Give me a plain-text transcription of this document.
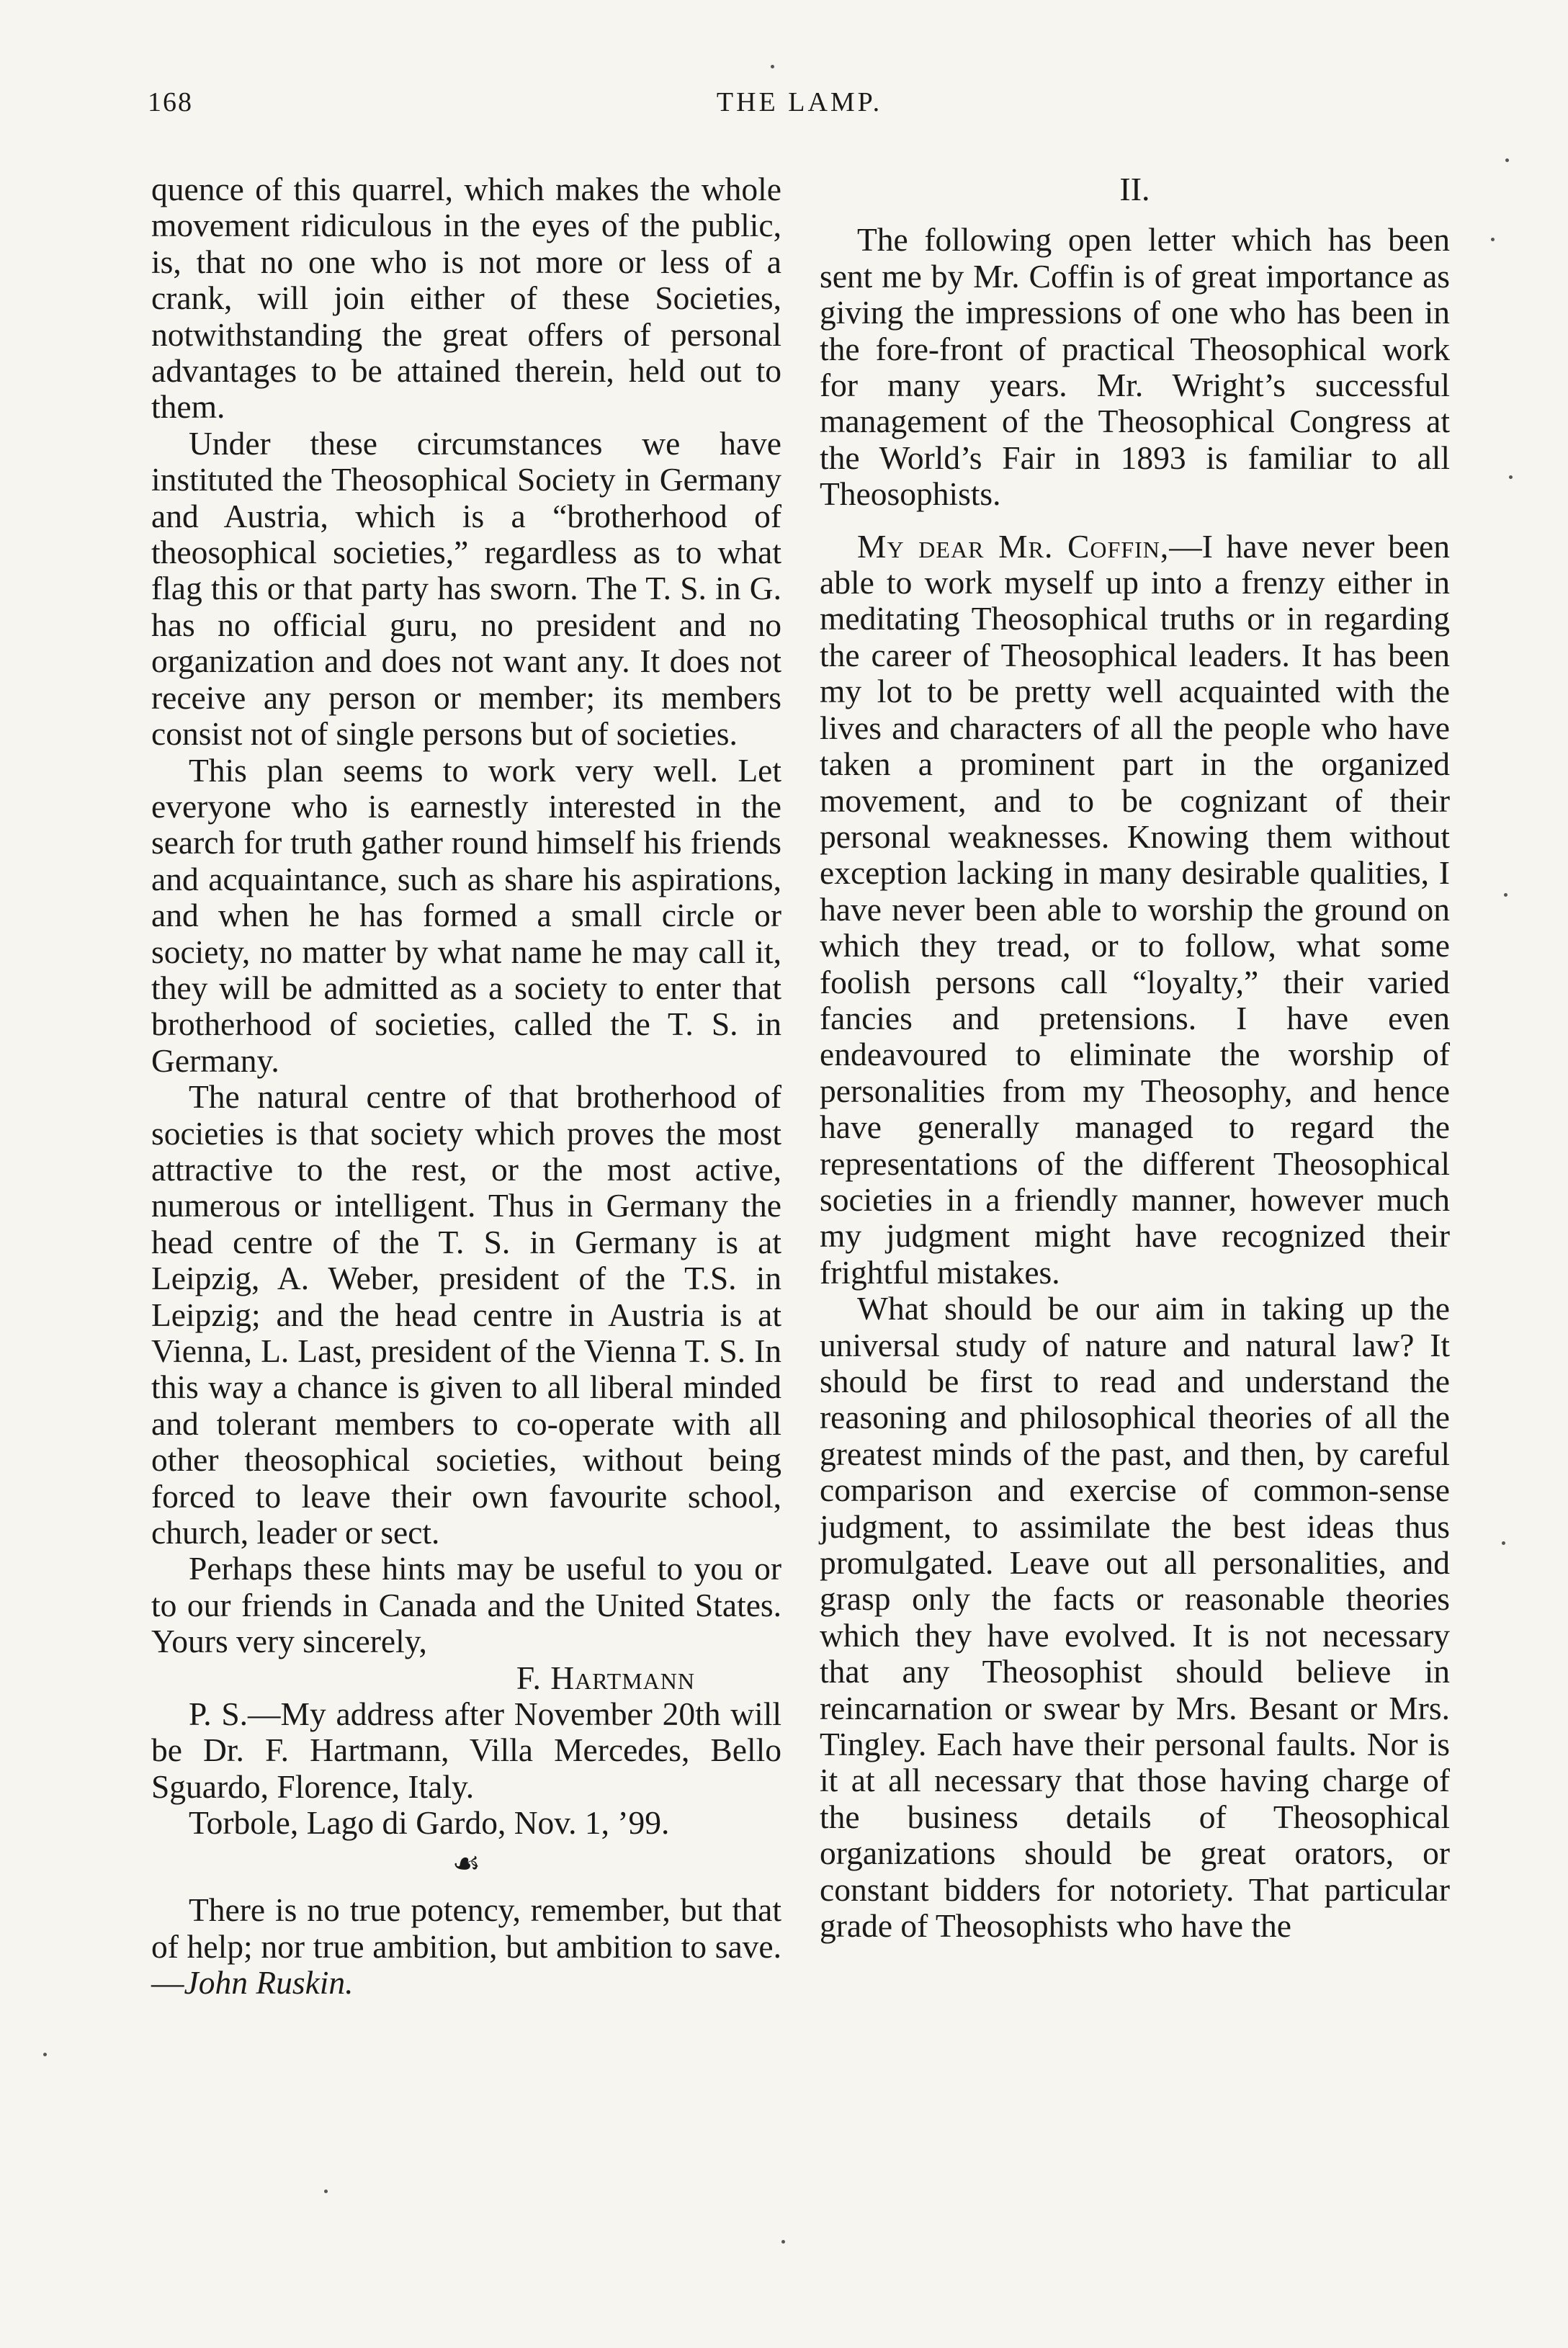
168	THE LAMP.

quence of this quarrel, which makes the whole movement ridiculous in the eyes of the public, is, that no one who is not more or less of a crank, will join either of these Societies, notwithstanding the great offers of personal advantages to be attained therein, held out to them.

Under these circumstances we have instituted the Theosophical Society in Germany and Austria, which is a “brotherhood of theosophical societies,” regardless as to what flag this or that party has sworn. The T. S. in G. has no official guru, no president and no organization and does not want any. It does not receive any person or member; its members consist not of single persons but of societies.

This plan seems to work very well. Let everyone who is earnestly interested in the search for truth gather round himself his friends and acquaintance, such as share his aspirations, and when he has formed a small circle or society, no matter by what name he may call it, they will be admitted as a society to enter that brotherhood of societies, called the T. S. in Germany.

The natural centre of that brotherhood of societies is that society which proves the most attractive to the rest, or the most active, numerous or intelligent. Thus in Germany the head centre of the T. S. in Germany is at Leipzig, A. Weber, president of the T.S. in Leipzig; and the head centre in Austria is at Vienna, L. Last, president of the Vienna T. S. In this way a chance is given to all liberal minded and tolerant members to co-operate with all other theosophical societies, without being forced to leave their own favourite school, church, leader or sect.

Perhaps these hints may be useful to you or to our friends in Canada and the United States. Yours very sincerely,

F. Hartmann

P. S.—My address after November 20th will be Dr. F. Hartmann, Villa Mercedes, Bello Sguardo, Florence, Italy.

Torbole, Lago di Gardo, Nov. 1, ’99.

☙

There is no true potency, remember, but that of help; nor true ambition, but ambition to save.—John Ruskin.

II.

The following open letter which has been sent me by Mr. Coffin is of great importance as giving the impressions of one who has been in the fore-front of practical Theosophical work for many years. Mr. Wright’s successful management of the Theosophical Congress at the World’s Fair in 1893 is familiar to all Theosophists.

My dear Mr. Coffin,—I have never been able to work myself up into a frenzy either in meditating Theosophical truths or in regarding the career of Theosophical leaders. It has been my lot to be pretty well acquainted with the lives and characters of all the people who have taken a prominent part in the organized movement, and to be cognizant of their personal weaknesses. Knowing them without exception lacking in many desirable qualities, I have never been able to worship the ground on which they tread, or to follow, what some foolish persons call “loyalty,” their varied fancies and pretensions. I have even endeavoured to eliminate the worship of personalities from my Theosophy, and hence have generally managed to regard the representations of the different Theosophical societies in a friendly manner, however much my judgment might have recognized their frightful mistakes.

What should be our aim in taking up the universal study of nature and natural law? It should be first to read and understand the reasoning and philosophical theories of all the greatest minds of the past, and then, by careful comparison and exercise of common-sense judgment, to assimilate the best ideas thus promulgated. Leave out all personalities, and grasp only the facts or reasonable theories which they have evolved. It is not necessary that any Theosophist should believe in reincarnation or swear by Mrs. Besant or Mrs. Tingley. Each have their personal faults. Nor is it at all necessary that those having charge of the business details of Theosophical organizations should be great orators, or constant bidders for notoriety. That particular grade of Theosophists who have the
